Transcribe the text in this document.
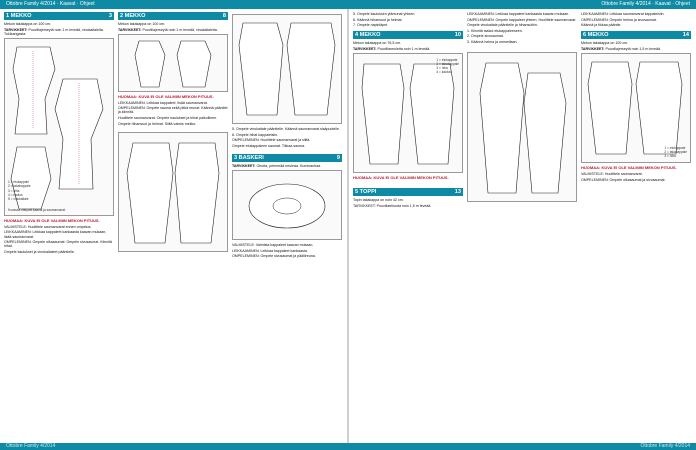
Ottobre Family 4/2014 · Kaavat · Ohjeet	Ottobre Family 4/2014 · Kaavat · Ohjeet
1 MEKKO	3

Mekon takakappa on 100 cm.

TARVIKKEET: Puuvillajerseytä noin 1 m leveää, vinokaitaleita. Tukikangasta.

1 = etukappale
2 = takakappale
3 = hiha
4 = kaulus
5 = vinokaitale
Kuvassa näkyvät kaavat ja saumanvarat.
HUOMAA: KUVA EI OLE VALMIIN MEKON PITUUS.

VALMISTELE: Huolittele saumanvarat ennen ompelua.

LEIKKAAMINEN: Leikkaa kappaleet kankaasta kaavan mukaan, lisää saumanvarat.

OMPELEMINEN: Ompele olkasaumat. Ompele sivusaumat. Kiinnitä hihat.

Ompele kaulukset ja vinokaitaleet pääntielle.

2 MEKKO	8

Mekon takakappa on 100 cm.

TARVIKKEET: Puuvillajerseytä noin 1 m leveää, vinokaitaleita.

HUOMAA: KUVA EI OLE VALMIIN MEKON PITUUS.

LEIKKAAMINEN: Leikkaa kappaleet, lisää saumanvarat.

OMPELEMINEN: Ompele sauma sekä pitkä reunat. Käännä pääntiet ja kiinnitä.

Huolittele saumanvarat. Ompele kaulukset ja hihat paikoilleen.

Ompele hihansuut ja helmat. Silitä valmis mekko.

5. Ompele vinokaitale pääntielle. Käännä saumanvarat sisäpuolelle.

6. Ompele hihat kappaleisiin.

OMPELEMINEN: Huolittele saumanvarat ja silitä.

Ompele etukappaleen saumat. Tikkaa sauma.

3 BASKERI	9

TARVIKKEET: Ohutta, pehmeää neuleaa. Kuminauhaa.

VALMISTELE: Valmista kappaleet kaavan mukaan.

LEIKKAAMINEN: Leikkaa kappaleet kankaasta.

OMPELEMINEN: Ompele sivusaumat ja päällireuna.

5. Ompele kauluksen yläreunat yhteen.

6. Käännä hihansuut ja helmat.

7. Ompele napinläpet.

4 MEKKO	10

Mekon takakappa on 76,5 cm.

TARVIKKEET: Puuvillaneuletta noin 1 m leveää.

1 = etukappale
2 = takakappale
3 = hiha
4 = kaulus
HUOMAA: KUVA EI OLE VALMIIN MEKON PITUUS.
5 TOPPI	13

Topin takakappa on noin 42 cm.

TARVIKKEET: Puuvillatrikoota noin 1,5 m leveää.

LEIKKAAMINEN: Leikkaa kappaleet kankaasta kaavan mukaan.

OMPELEMINEN: Ompele kappaleet yhteen. Huolittele saumanvarat.

Ompele vinokaitale pääntielle ja hihansuihin.

1. Kiinnitä taskut etukappaleeseen.

2. Ompele sivusaumat.

3. Käännä helma ja ommellaan.

LEIKKAAMINEN: Leikkaa saumanvarat kappaleisiin.

OMPELEMINEN: Ompele helma ja sivusaumat.

Käännä ja tikkaa pääntie.

6 MEKKO	14

Mekon takakappa on 100 cm.

TARVIKKEET: Puuvillajerseytä noin 1,5 m leveää.

1 = etukappale
2 = takakappale
3 = hiha
HUOMAA: KUVA EI OLE VALMIIN MEKON PITUUS.

VALMISTELE: Huolittele saumanvarat.

OMPELEMINEN: Ompele olkasaumat ja sivusaumat.

Ottobre Family 4/2014	Ottobre Family 4/2014
